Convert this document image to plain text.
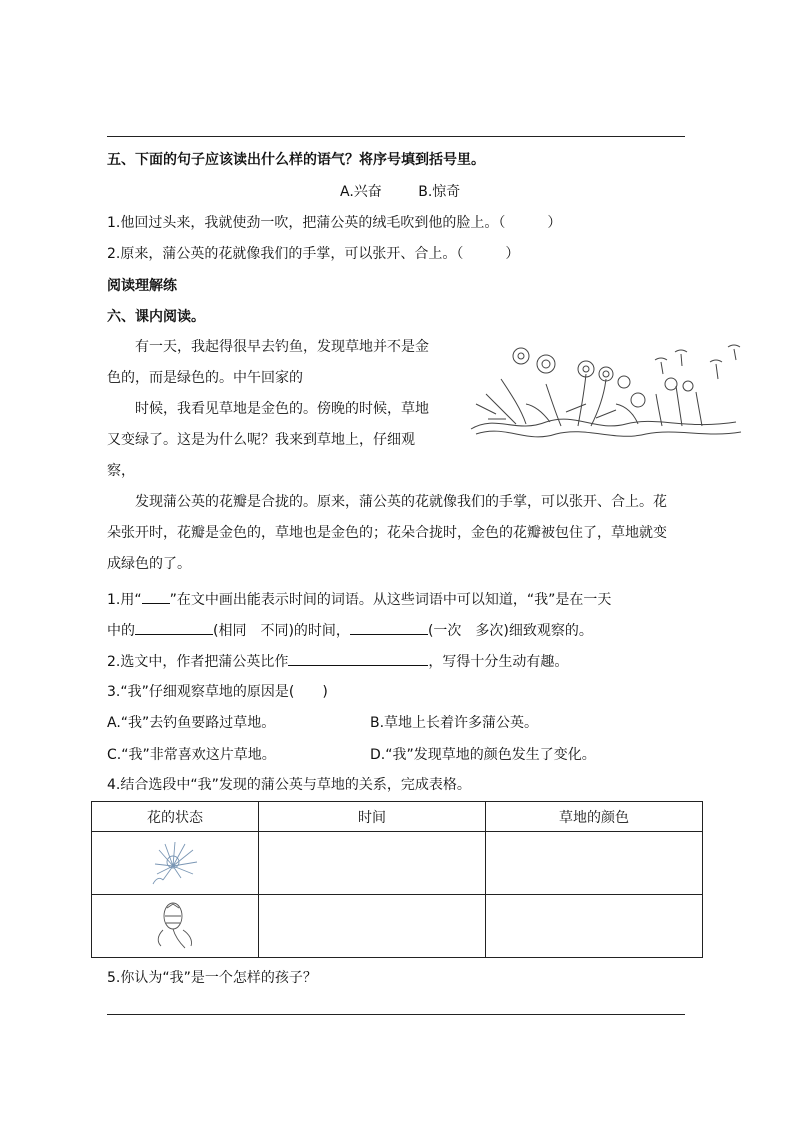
五、下面的句子应该读出什么样的语气？将序号填到括号里。
A.兴奋	B.惊奇
1.他回过头来，我就使劲一吹，把蒲公英的绒毛吹到他的脸上。（　　　）
2.原来，蒲公英的花就像我们的手掌，可以张开、合上。（　　　）
阅读理解练
六、课内阅读。
有一天，我起得很早去钓鱼，发现草地并不是金
色的，而是绿色的。中午回家的
时候，我看见草地是金色的。傍晚的时候，草地
又变绿了。这是为什么呢？我来到草地上，仔细观
察，
发现蒲公英的花瓣是合拢的。原来，蒲公英的花就像我们的手掌，可以张开、合上。花
朵张开时，花瓣是金色的，草地也是金色的；花朵合拢时，金色的花瓣被包住了，草地就变
成绿色的了。
1.用“ ”在文中画出能表示时间的词语。从这些词语中可以知道，“我”是在一天
中的	(相同　不同)的时间，	(一次　多次)细致观察的。
2.选文中，作者把蒲公英比作	，写得十分生动有趣。
3.“我”仔细观察草地的原因是(　　)
A.“我”去钓鱼要路过草地。	B.草地上长着许多蒲公英。
C.“我”非常喜欢这片草地。	D.“我”发现草地的颜色发生了变化。
4.结合选段中“我”发现的蒲公英与草地的关系，完成表格。
花的状态	时间	草地的颜色

5.你认为“我”是一个怎样的孩子？
